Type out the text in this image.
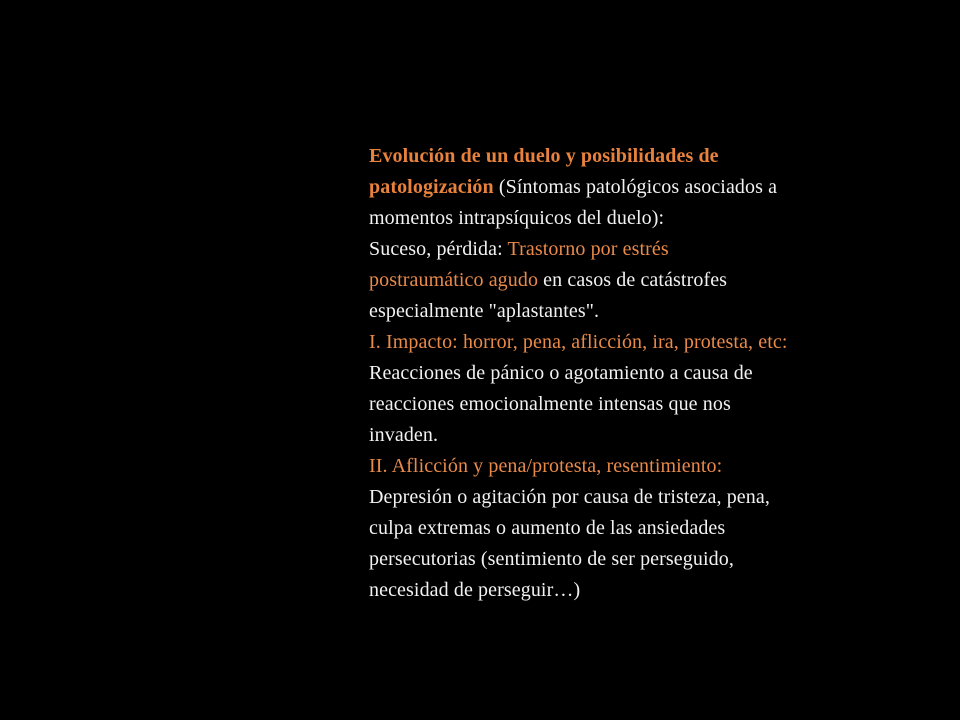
Evolución de un duelo y posibilidades de
patologización (Síntomas patológicos asociados a
momentos intrapsíquicos del duelo):
Suceso, pérdida: Trastorno por estrés
postraumático agudo en casos de catástrofes
especialmente "aplastantes".
I. Impacto: horror, pena, aflicción, ira, protesta, etc:
Reacciones de pánico o agotamiento a causa de
reacciones emocionalmente intensas que nos
invaden.
II. Aflicción y pena/protesta, resentimiento:
Depresión o agitación por causa de tristeza, pena,
culpa extremas o aumento de las ansiedades
persecutorias (sentimiento de ser perseguido,
necesidad de perseguir…)
